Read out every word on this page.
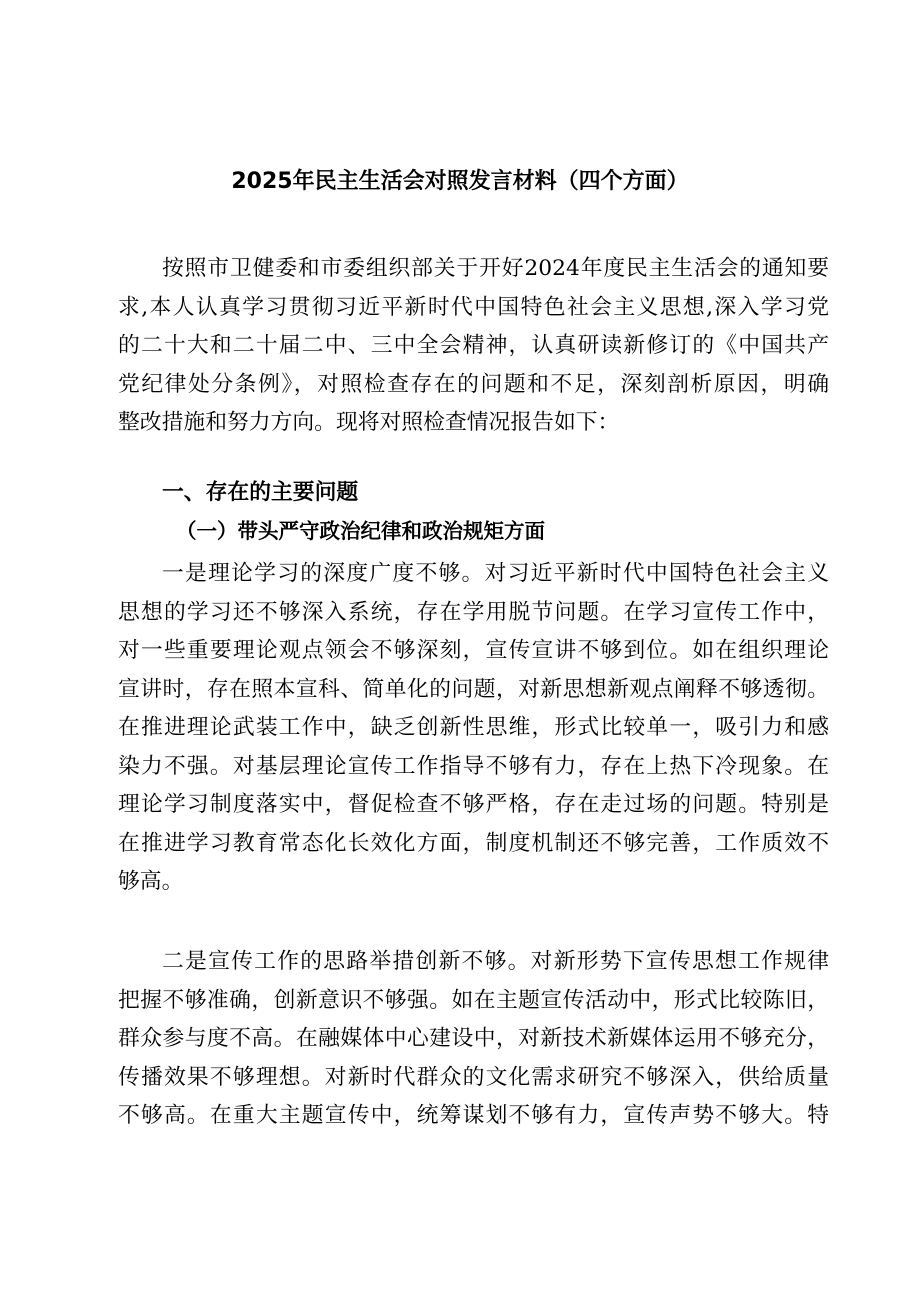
2025年民主生活会对照发言材料（四个方面）
按照市卫健委和市委组织部关于开好2024年度民主生活会的通知要
求,本人认真学习贯彻习近平新时代中国特色社会主义思想,深入学习党
的二十大和二十届二中、三中全会精神，认真研读新修订的《中国共产
党纪律处分条例》，对照检查存在的问题和不足，深刻剖析原因，明确
整改措施和努力方向。现将对照检查情况报告如下：
一、存在的主要问题
（一）带头严守政治纪律和政治规矩方面
一是理论学习的深度广度不够。对习近平新时代中国特色社会主义
思想的学习还不够深入系统，存在学用脱节问题。在学习宣传工作中，
对一些重要理论观点领会不够深刻，宣传宣讲不够到位。如在组织理论
宣讲时，存在照本宣科、简单化的问题，对新思想新观点阐释不够透彻。
在推进理论武装工作中，缺乏创新性思维，形式比较单一，吸引力和感
染力不强。对基层理论宣传工作指导不够有力，存在上热下冷现象。在
理论学习制度落实中，督促检查不够严格，存在走过场的问题。特别是
在推进学习教育常态化长效化方面，制度机制还不够完善，工作质效不
够高。
二是宣传工作的思路举措创新不够。对新形势下宣传思想工作规律
把握不够准确，创新意识不够强。如在主题宣传活动中，形式比较陈旧，
群众参与度不高。在融媒体中心建设中，对新技术新媒体运用不够充分，
传播效果不够理想。对新时代群众的文化需求研究不够深入，供给质量
不够高。在重大主题宣传中，统筹谋划不够有力，宣传声势不够大。特
